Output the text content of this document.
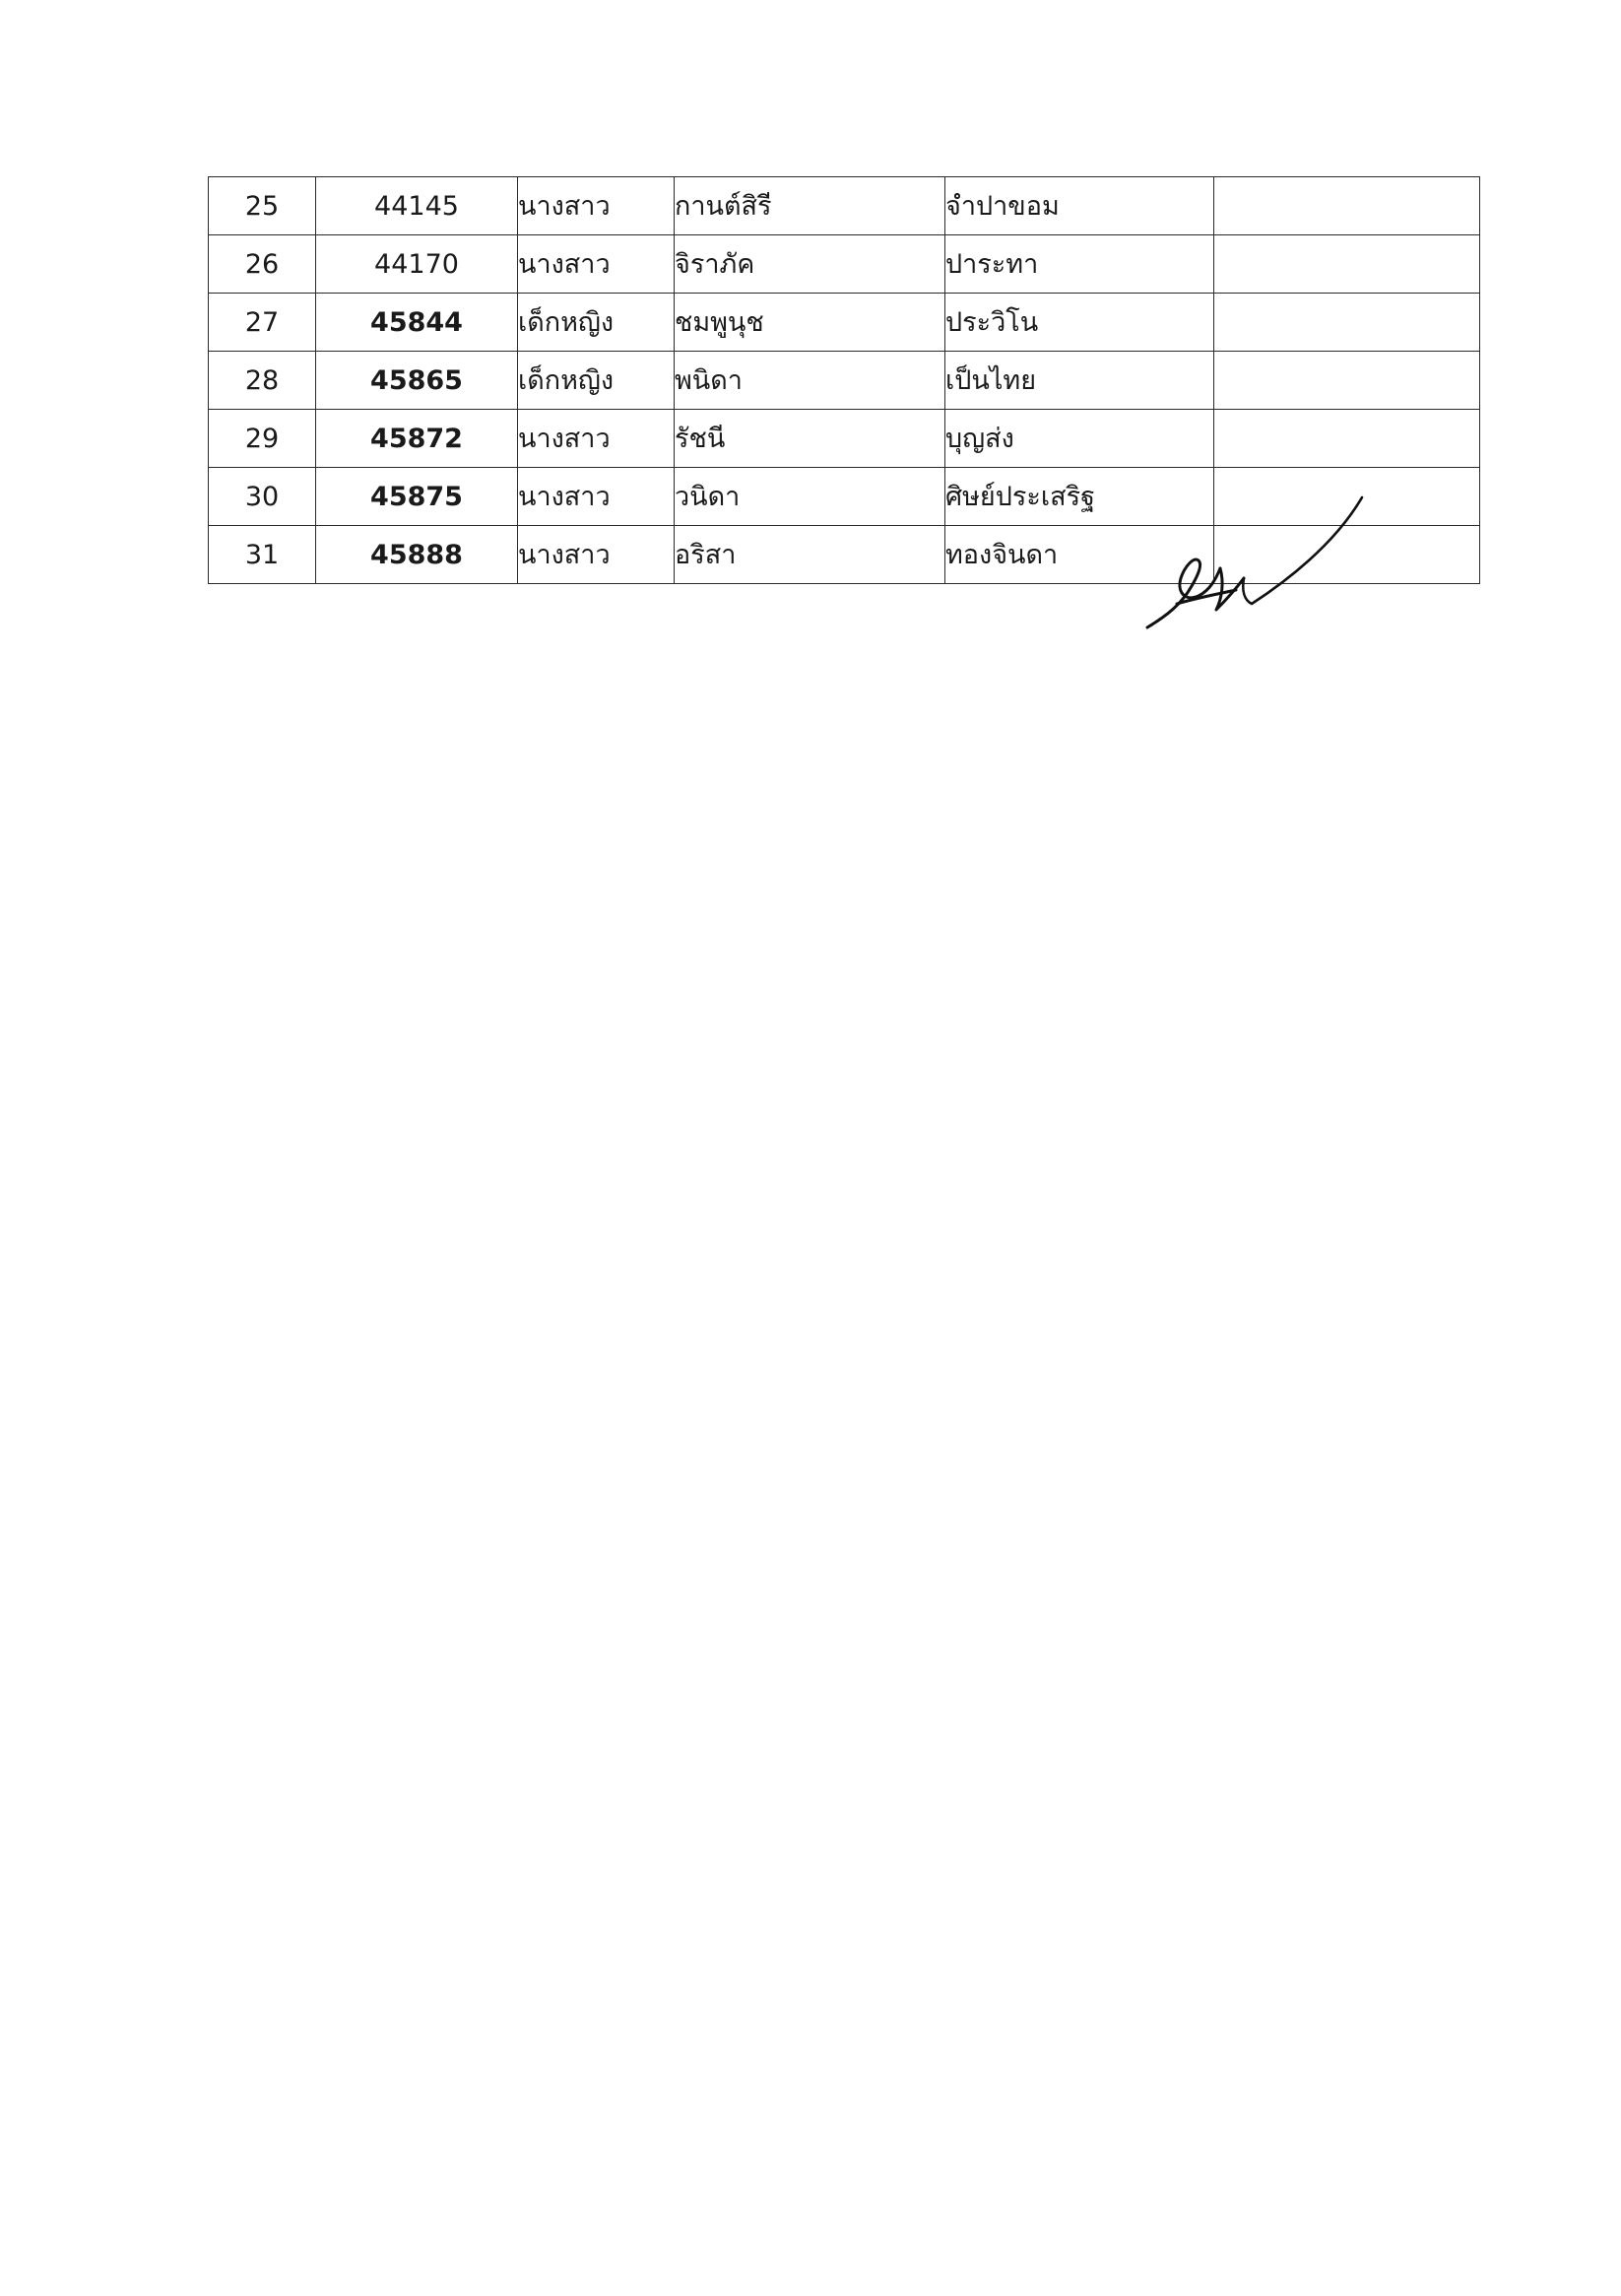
25	44145	นางสาว	กานต์สิรี	จำปาขอม	
26	44170	นางสาว	จิราภัค	ปาระทา	
27	45844	เด็กหญิง	ชมพูนุช	ประวิโน	
28	45865	เด็กหญิง	พนิดา	เป็นไทย	
29	45872	นางสาว	รัชนี	บุญส่ง	
30	45875	นางสาว	วนิดา	ศิษย์ประเสริฐ	
31	45888	นางสาว	อริสา	ทองจินดา	
